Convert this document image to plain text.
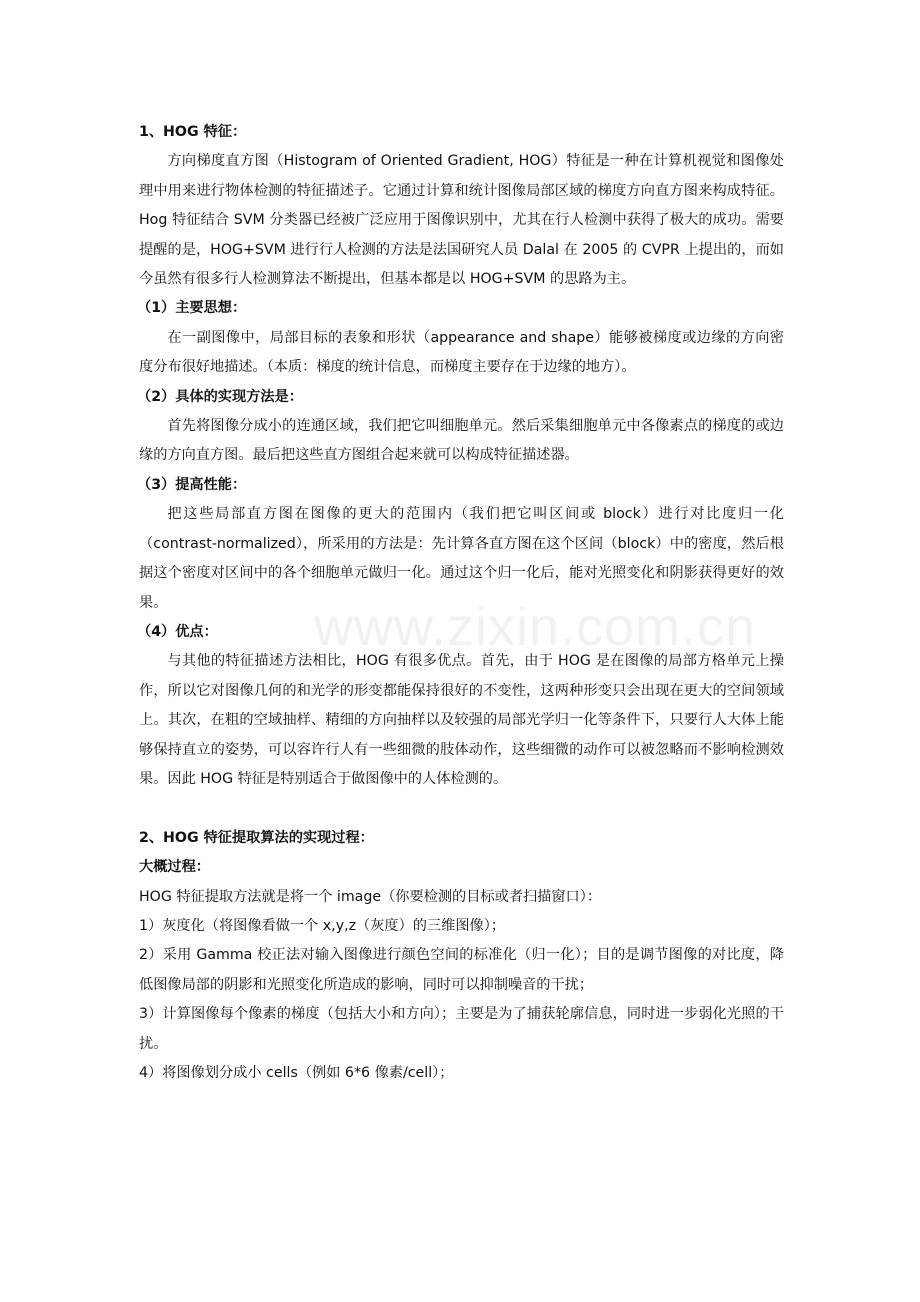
www.zixin.com.cn

1、HOG 特征：

方向梯度直方图（Histogram of Oriented Gradient, HOG）特征是一种在计算机视觉和图像处理中用来进行物体检测的特征描述子。它通过计算和统计图像局部区域的梯度方向直方图来构成特征。Hog 特征结合 SVM 分类器已经被广泛应用于图像识别中，尤其在行人检测中获得了极大的成功。需要提醒的是，HOG+SVM 进行行人检测的方法是法国研究人员 Dalal 在 2005 的 CVPR 上提出的，而如今虽然有很多行人检测算法不断提出，但基本都是以 HOG+SVM 的思路为主。

（1）主要思想：

在一副图像中，局部目标的表象和形状（appearance and shape）能够被梯度或边缘的方向密度分布很好地描述。（本质：梯度的统计信息，而梯度主要存在于边缘的地方）。

（2）具体的实现方法是：

首先将图像分成小的连通区域，我们把它叫细胞单元。然后采集细胞单元中各像素点的梯度的或边缘的方向直方图。最后把这些直方图组合起来就可以构成特征描述器。

（3）提高性能：

把这些局部直方图在图像的更大的范围内（我们把它叫区间或 block）进行对比度归一化（contrast-normalized），所采用的方法是：先计算各直方图在这个区间（block）中的密度，然后根据这个密度对区间中的各个细胞单元做归一化。通过这个归一化后，能对光照变化和阴影获得更好的效果。

（4）优点：

与其他的特征描述方法相比，HOG 有很多优点。首先，由于 HOG 是在图像的局部方格单元上操作，所以它对图像几何的和光学的形变都能保持很好的不变性，这两种形变只会出现在更大的空间领域上。其次，在粗的空域抽样、精细的方向抽样以及较强的局部光学归一化等条件下，只要行人大体上能够保持直立的姿势，可以容许行人有一些细微的肢体动作，这些细微的动作可以被忽略而不影响检测效果。因此 HOG 特征是特别适合于做图像中的人体检测的。

2、HOG 特征提取算法的实现过程：

大概过程：

HOG 特征提取方法就是将一个 image（你要检测的目标或者扫描窗口）：

1）灰度化（将图像看做一个 x,y,z（灰度）的三维图像）；

2）采用 Gamma 校正法对输入图像进行颜色空间的标准化（归一化）；目的是调节图像的对比度，降低图像局部的阴影和光照变化所造成的影响，同时可以抑制噪音的干扰；

3）计算图像每个像素的梯度（包括大小和方向）；主要是为了捕获轮廓信息，同时进一步弱化光照的干扰。

4）将图像划分成小 cells（例如 6*6 像素/cell）；
